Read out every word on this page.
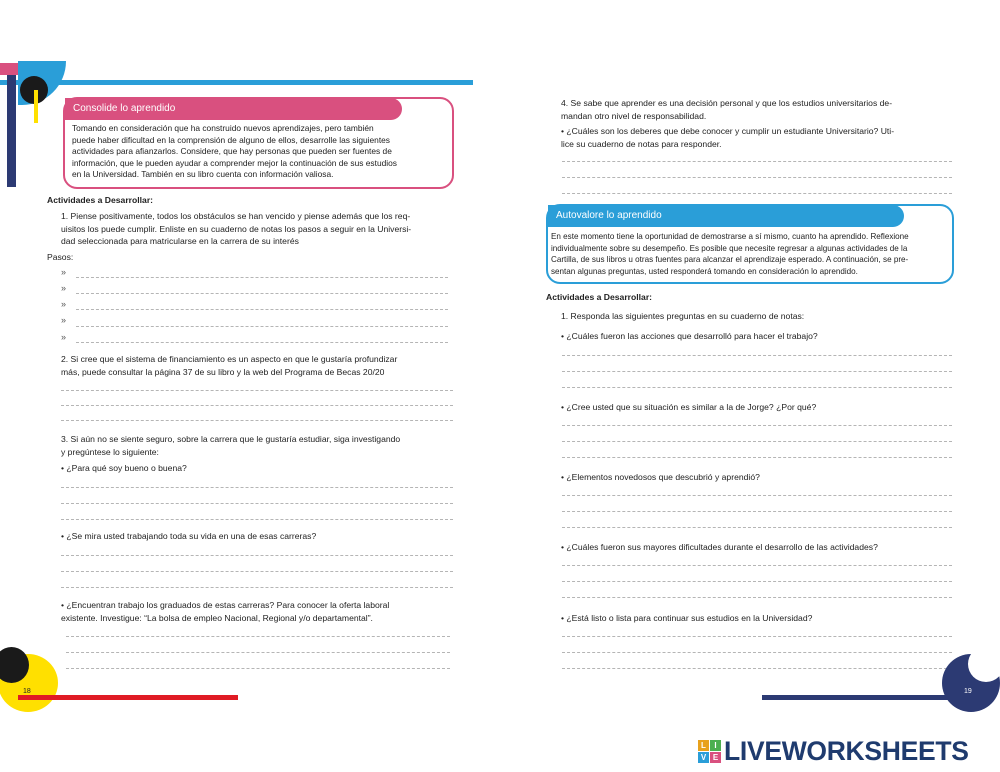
Consolide lo aprendido
Tomando en consideración que ha construido nuevos aprendizajes, pero también
puede haber dificultad en la comprensión de alguno de ellos, desarrolle las siguientes
actividades para afianzarlos. Considere, que hay personas que pueden ser fuentes de
información, que le pueden ayudar a comprender mejor la continuación de sus estudios
en la Universidad. También en su libro cuenta con información valiosa.
Actividades a Desarrollar:
1. Piense positivamente, todos los obstáculos se han vencido y piense además que los req-
uisitos los puede cumplir. Enliste en su cuaderno de notas los pasos a seguir en la Universi-
dad seleccionada para matricularse en la carrera de su interés
Pasos:
»
»
»
»
»
2. Si cree que el sistema de financiamiento es un aspecto en que le gustaría profundizar
más, puede consultar la página 37 de su libro y la web del Programa de Becas 20/20
3. Si aún no se siente seguro, sobre la carrera que le gustaría estudiar, siga investigando
y pregúntese lo siguiente:
• ¿Para qué soy bueno o buena?
• ¿Se mira usted trabajando toda su vida en una de esas carreras?
• ¿Encuentran trabajo los graduados de estas carreras? Para conocer la oferta laboral
existente. Investigue: “La bolsa de empleo Nacional, Regional y/o departamental”.
18
4. Se sabe que aprender es una decisión personal y que los estudios universitarios de-
mandan otro nivel de responsabilidad.
• ¿Cuáles son los deberes que debe conocer y cumplir un estudiante Universitario? Uti-
lice su cuaderno de notas para responder.
Autovalore lo aprendido
En este momento tiene la oportunidad de demostrarse a sí mismo, cuanto ha aprendido. Reflexione
individualmente sobre su desempeño. Es posible que necesite regresar a algunas actividades de la
Cartilla, de sus libros u otras fuentes para alcanzar el aprendizaje esperado. A continuación, se pre-
sentan algunas preguntas, usted responderá tomando en consideración lo aprendido.
Actividades a Desarrollar:
1. Responda las siguientes preguntas en su cuaderno de notas:
• ¿Cuáles fueron las acciones que desarrolló para hacer el trabajo?
• ¿Cree usted que su situación es similar a la de Jorge? ¿Por qué?
• ¿Elementos novedosos que descubrió y aprendió?
• ¿Cuáles fueron sus mayores dificultades durante el desarrollo de las actividades?
• ¿Está listo o lista para continuar sus estudios en la Universidad?
19
L	I
V E LIVEWORKSHEETS
